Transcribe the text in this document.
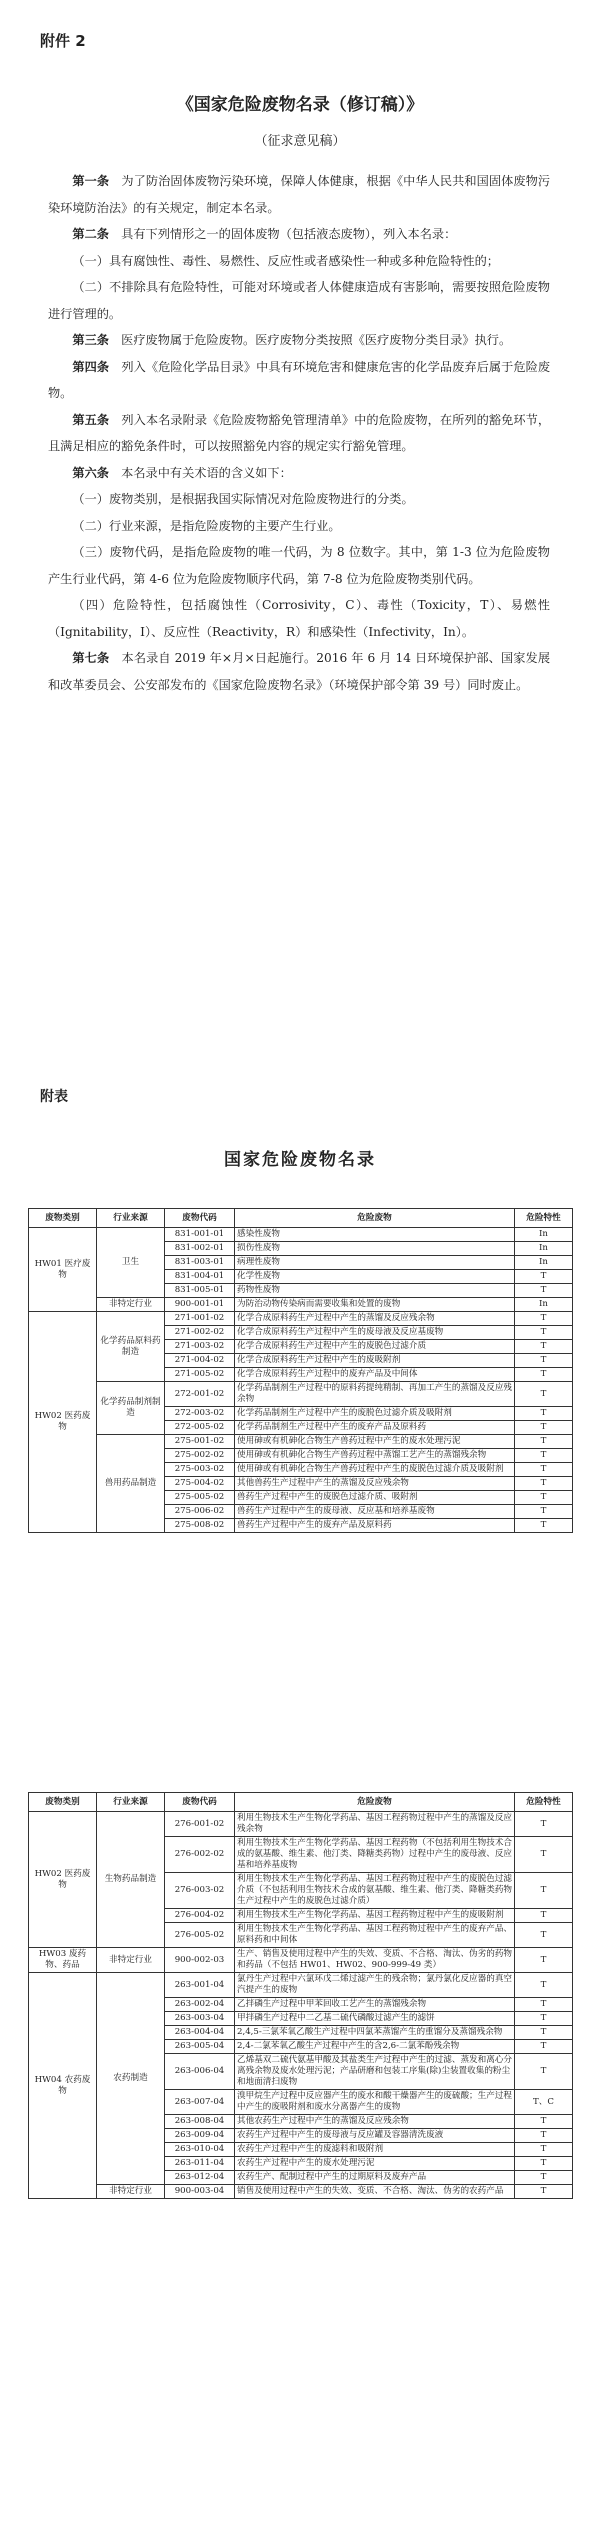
附件 2
《国家危险废物名录（修订稿）》
（征求意见稿）

第一条　 为了防治固体废物污染环境，保障人体健康，根据《中华人民共和国固体废物污染环境防治法》的有关规定，制定本名录。

第二条　 具有下列情形之一的固体废物（包括液态废物），列入本名录：

（一）具有腐蚀性、毒性、易燃性、反应性或者感染性一种或多种危险特性的；

（二）不排除具有危险特性，可能对环境或者人体健康造成有害影响，需要按照危险废物进行管理的。

第三条　 医疗废物属于危险废物。医疗废物分类按照《医疗废物分类目录》执行。

第四条　 列入《危险化学品目录》中具有环境危害和健康危害的化学品废弃后属于危险废物。

第五条　 列入本名录附录《危险废物豁免管理清单》中的危险废物，在所列的豁免环节，且满足相应的豁免条件时，可以按照豁免内容的规定实行豁免管理。

第六条　 本名录中有关术语的含义如下：

（一）废物类别，是根据我国实际情况对危险废物进行的分类。

（二）行业来源，是指危险废物的主要产生行业。

（三）废物代码，是指危险废物的唯一代码，为 8 位数字。其中，第 1-3 位为危险废物产生行业代码，第 4-6 位为危险废物顺序代码，第 7-8 位为危险废物类别代码。

（四）危险特性，包括腐蚀性（Corrosivity，C）、毒性（Toxicity，T）、易燃性（Ignitability，I）、反应性（Reactivity，R）和感染性（Infectivity，In）。

第七条　 本名录自 2019 年×月×日起施行。2016 年 6 月 14 日环境保护部、国家发展和改革委员会、公安部发布的《国家危险废物名录》（环境保护部令第 39 号）同时废止。

附表
国家危险废物名录
废物类别	行业来源	废物代码	危险废物	危险特性
HW01 医疗废物	卫生	831-001-01	感染性废物	In
		831-002-01	损伤性废物	In
		831-003-01	病理性废物	In
		831-004-01	化学性废物	T
		831-005-01	药物性废物	T
	非特定行业	900-001-01	为防治动物传染病而需要收集和处置的废物	In
HW02 医药废物	化学药品原料药制造	271-001-02	化学合成原料药生产过程中产生的蒸馏及反应残余物	T
		271-002-02	化学合成原料药生产过程中产生的废母液及反应基废物	T
		271-003-02	化学合成原料药生产过程中产生的废脱色过滤介质	T
		271-004-02	化学合成原料药生产过程中产生的废吸附剂	T
		271-005-02	化学合成原料药生产过程中的废弃产品及中间体	T
	化学药品制剂制造	272-001-02	化学药品制剂生产过程中的原料药提纯精制、再加工产生的蒸馏及反应残余物	T
		272-003-02	化学药品制剂生产过程中产生的废脱色过滤介质及吸附剂	T
		272-005-02	化学药品制剂生产过程中产生的废弃产品及原料药	T
	兽用药品制造	275-001-02	使用砷或有机砷化合物生产兽药过程中产生的废水处理污泥	T
		275-002-02	使用砷或有机砷化合物生产兽药过程中蒸馏工艺产生的蒸馏残余物	T
		275-003-02	使用砷或有机砷化合物生产兽药过程中产生的废脱色过滤介质及吸附剂	T
		275-004-02	其他兽药生产过程中产生的蒸馏及反应残余物	T
		275-005-02	兽药生产过程中产生的废脱色过滤介质、吸附剂	T
		275-006-02	兽药生产过程中产生的废母液、反应基和培养基废物	T
		275-008-02	兽药生产过程中产生的废弃产品及原料药	T
废物类别	行业来源	废物代码	危险废物	危险特性
HW02 医药废物	生物药品制造	276-001-02	利用生物技术生产生物化学药品、基因工程药物过程中产生的蒸馏及反应残余物	T
		276-002-02	利用生物技术生产生物化学药品、基因工程药物（不包括利用生物技术合成的氨基酸、维生素、他汀类、降糖类药物）过程中产生的废母液、反应基和培养基废物	T
		276-003-02	利用生物技术生产生物化学药品、基因工程药物过程中产生的废脱色过滤介质（不包括利用生物技术合成的氨基酸、维生素、他汀类、降糖类药物生产过程中产生的废脱色过滤介质）	T
		276-004-02	利用生物技术生产生物化学药品、基因工程药物过程中产生的废吸附剂	T
		276-005-02	利用生物技术生产生物化学药品、基因工程药物过程中产生的废弃产品、原料药和中间体	T
HW03 废药物、药品	非特定行业	900-002-03	生产、销售及使用过程中产生的失效、变质、不合格、淘汰、伪劣的药物和药品（不包括 HW01、HW02、900-999-49 类）	T
HW04 农药废物	农药制造	263-001-04	氯丹生产过程中六氯环戊二烯过滤产生的残余物；氯丹氯化反应器的真空汽提产生的废物	T
		263-002-04	乙拌磷生产过程中甲苯回收工艺产生的蒸馏残余物	T
		263-003-04	甲拌磷生产过程中二乙基二硫代磷酸过滤产生的滤饼	T
		263-004-04	2,4,5-三氯苯氧乙酸生产过程中四氯苯蒸馏产生的重馏分及蒸馏残余物	T
		263-005-04	2,4-二氯苯氧乙酸生产过程中产生的含2,6-二氯苯酚残余物	T
		263-006-04	乙烯基双二硫代氨基甲酸及其盐类生产过程中产生的过滤、蒸发和离心分离残余物及废水处理污泥；产品研磨和包装工序集(除)尘装置收集的粉尘和地面清扫废物	T
		263-007-04	溴甲烷生产过程中反应器产生的废水和酸干燥器产生的废硫酸；生产过程中产生的废吸附剂和废水分离器产生的废物	T、C
		263-008-04	其他农药生产过程中产生的蒸馏及反应残余物	T
		263-009-04	农药生产过程中产生的废母液与反应罐及容器清洗废液	T
		263-010-04	农药生产过程中产生的废滤料和吸附剂	T
		263-011-04	农药生产过程中产生的废水处理污泥	T
		263-012-04	农药生产、配制过程中产生的过期原料及废弃产品	T
	非特定行业	900-003-04	销售及使用过程中产生的失效、变质、不合格、淘汰、伪劣的农药产品	T
